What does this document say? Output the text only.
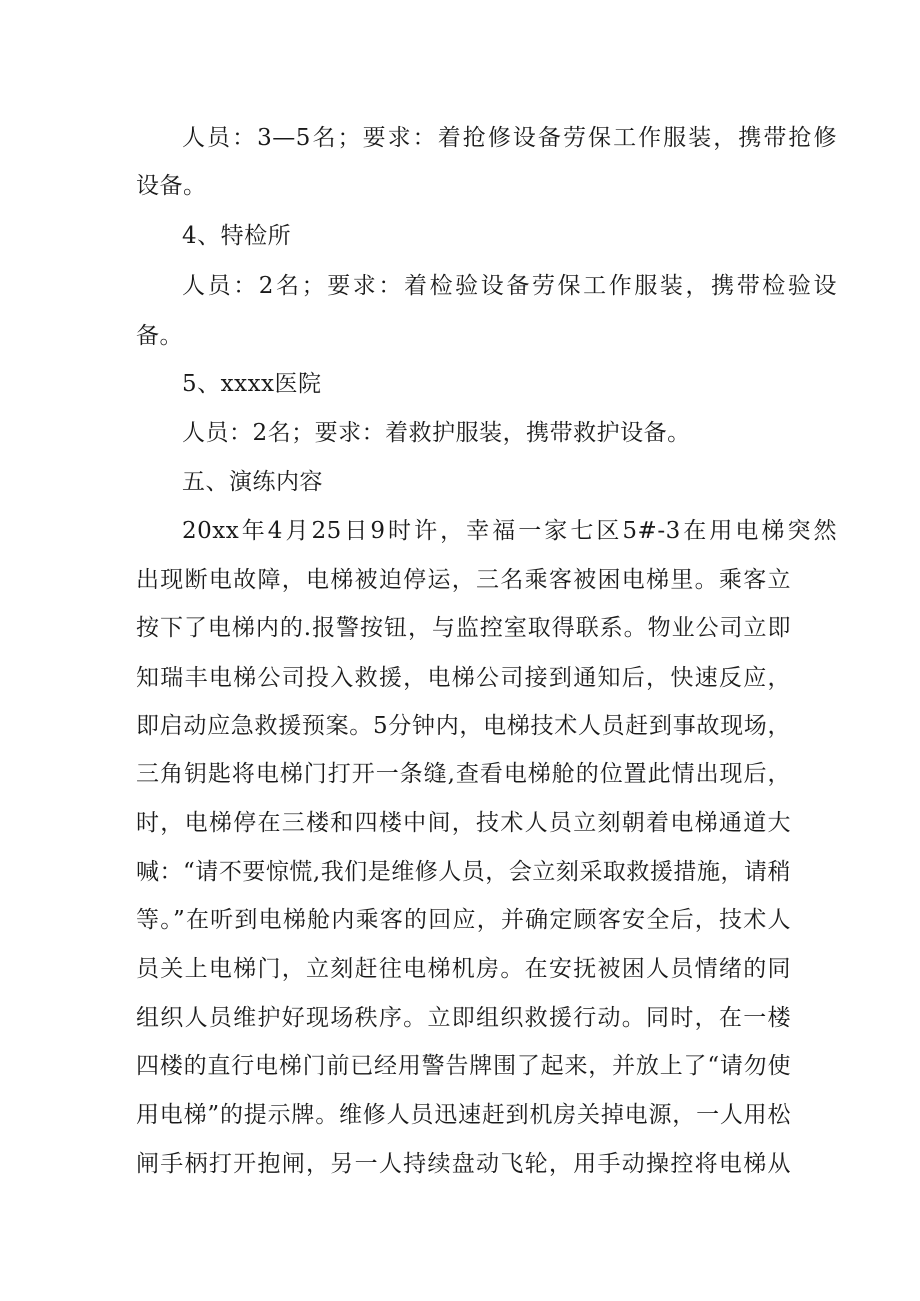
人员：3—5名；要求：着抢修设备劳保工作服装，携带抢修
设备。
4、特检所
人员：2名；要求：着检验设备劳保工作服装，携带检验设
备。
5、xxxx医院
人员：2名；要求：着救护服装，携带救护设备。
五、演练内容
20xx年4月25日9时许，幸福一家七区5#-3在用电梯突然
出现断电故障，电梯被迫停运，三名乘客被困电梯里。乘客立
按下了电梯内的.报警按钮，与监控室取得联系。物业公司立即
知瑞丰电梯公司投入救援，电梯公司接到通知后，快速反应，
即启动应急救援预案。5分钟内，电梯技术人员赶到事故现场，
三角钥匙将电梯门打开一条缝,查看电梯舱的位置此情出现后，
时，电梯停在三楼和四楼中间，技术人员立刻朝着电梯通道大
喊：“请不要惊慌,我们是维修人员，会立刻采取救援措施，请稍
等。”在听到电梯舱内乘客的回应，并确定顾客安全后，技术人
员关上电梯门，立刻赶往电梯机房。在安抚被困人员情绪的同
组织人员维护好现场秩序。立即组织救援行动。同时，在一楼
四楼的直行电梯门前已经用警告牌围了起来，并放上了“请勿使
用电梯”的提示牌。维修人员迅速赶到机房关掉电源，一人用松
闸手柄打开抱闸，另一人持续盘动飞轮，用手动操控将电梯从
